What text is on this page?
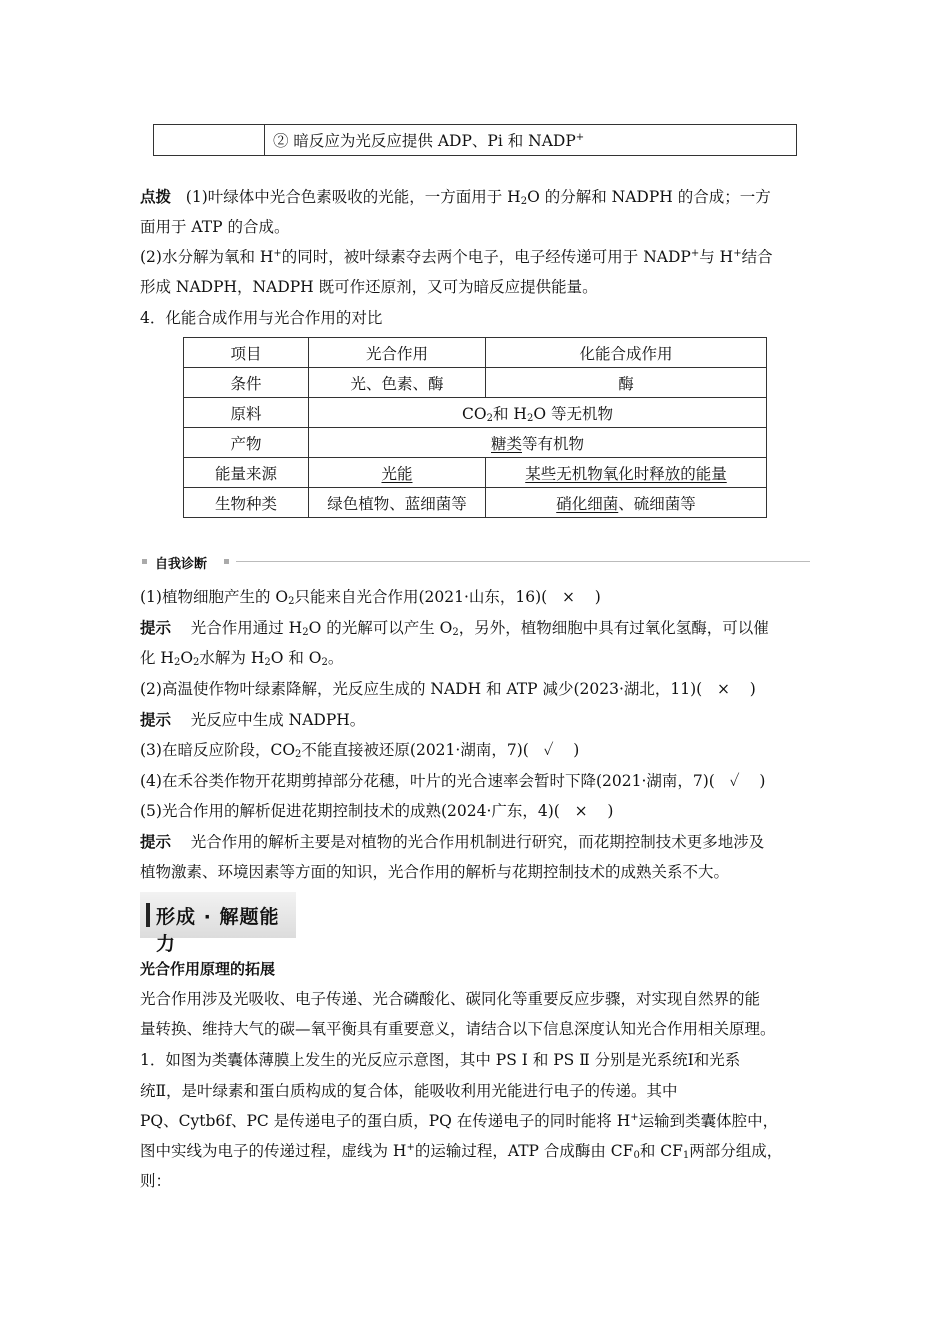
	② 暗反应为光反应提供 ADP、Pi 和 NADP+
点拨 (1)叶绿体中光合色素吸收的光能，一方面用于 $H_2O$ 的分解和 NADPH 的合成；一方
面用于 ATP 的合成。
(2)水分解为氧和 H+的同时，被叶绿素夺去两个电子，电子经传递可用于 NADP+与 H+结合
形成 NADPH，NADPH 既可作还原剂，又可为暗反应提供能量。
4．化能合成作用与光合作用的对比
项目	光合作用	化能合成作用
条件	光、色素、酶	酶
原料	$CO_2$和 $H_2O$ 等无机物	
产物	糖类等有机物	
能量来源	光能	某些无机物氧化时释放的能量
生物种类	绿色植物、蓝细菌等	硝化细菌、硫细菌等
自我诊断
(1)植物细胞产生的 $O_2$只能来自光合作用(2021·山东，16)( × )
提示 光合作用通过 $H_2O$ 的光解可以产生 $O_2$，另外，植物细胞中具有过氧化氢酶，可以催
化 $H_2O_2$水解为 $H_2O$ 和 $O_2$。
(2)高温使作物叶绿素降解，光反应生成的 NADH 和 ATP 减少(2023·湖北，11)( × )
提示 光反应中生成 NADPH。
(3)在暗反应阶段，$CO_2$不能直接被还原(2021·湖南，7)( ✓ )
(4)在禾谷类作物开花期剪掉部分花穗，叶片的光合速率会暂时下降(2021·湖南，7)( ✓ )
(5)光合作用的解析促进花期控制技术的成熟(2024·广东，4)( × )
提示 光合作用的解析主要是对植物的光合作用机制进行研究，而花期控制技术更多地涉及
植物激素、环境因素等方面的知识，光合作用的解析与花期控制技术的成熟关系不大。
形成 · 解题能力
光合作用原理的拓展
光合作用涉及光吸收、电子传递、光合磷酸化、碳同化等重要反应步骤，对实现自然界的能
量转换、维持大气的碳—氧平衡具有重要意义，请结合以下信息深度认知光合作用相关原理。
1．如图为类囊体薄膜上发生的光反应示意图，其中 PS Ⅰ 和 PS Ⅱ 分别是光系统Ⅰ和光系
统Ⅱ，是叶绿素和蛋白质构成的复合体，能吸收利用光能进行电子的传递。其中
PQ、Cytb6f、PC 是传递电子的蛋白质，PQ 在传递电子的同时能将 H+运输到类囊体腔中，
图中实线为电子的传递过程，虚线为 H+的运输过程，ATP 合成酶由 $CF_0$和 $CF_1$两部分组成，
则：
